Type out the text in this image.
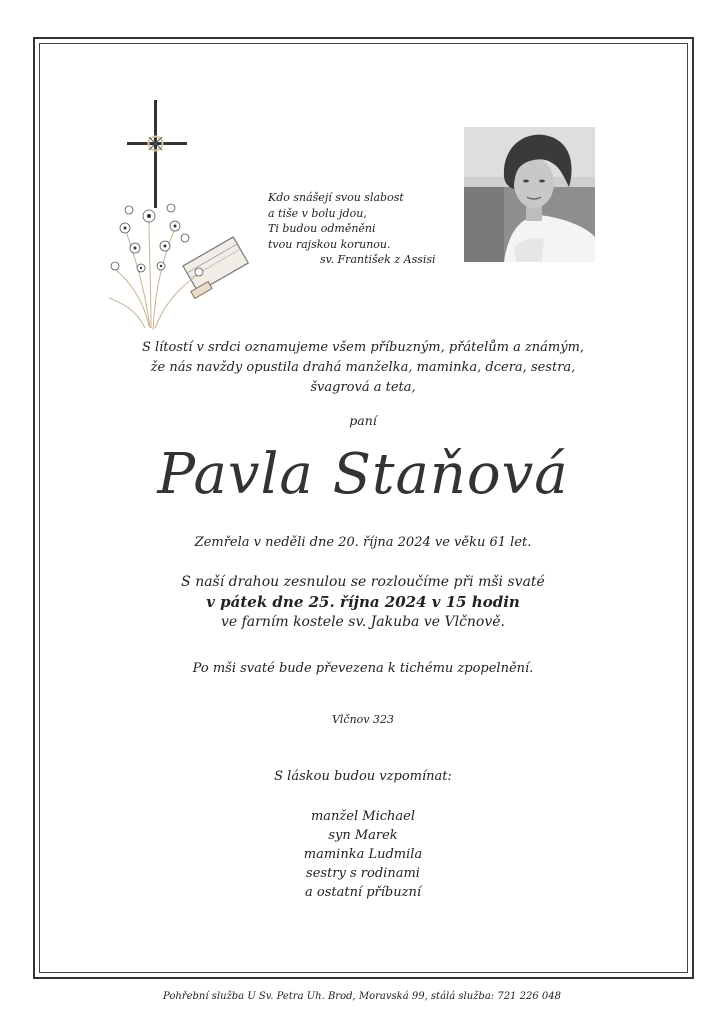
Kdo snášejí svou slabost
a tiše v bolu jdou,
Ti budou odměněni
tvou rajskou korunou.
sv. František z Assisi
S lítostí v srdci oznamujeme všem příbuzným, přátelům a známým,
že nás navždy opustila drahá manželka, maminka, dcera, sestra,
švagrová a teta,
paní
Pavla Staňová
Zemřela v neděli dne 20. října 2024 ve věku 61 let.
S naší drahou zesnulou se rozloučíme při mši svaté
v pátek dne 25. října 2024 v 15 hodin
ve farním kostele sv. Jakuba ve Vlčnově.
Po mši svaté bude převezena k tichému zpopelnění.
Vlčnov 323
S láskou budou vzpomínat:
manžel Michael
syn Marek
maminka Ludmila
sestry s rodinami
a ostatní příbuzní
Pohřební služba U Sv. Petra Uh. Brod, Moravská 99, stálá služba: 721 226 048
